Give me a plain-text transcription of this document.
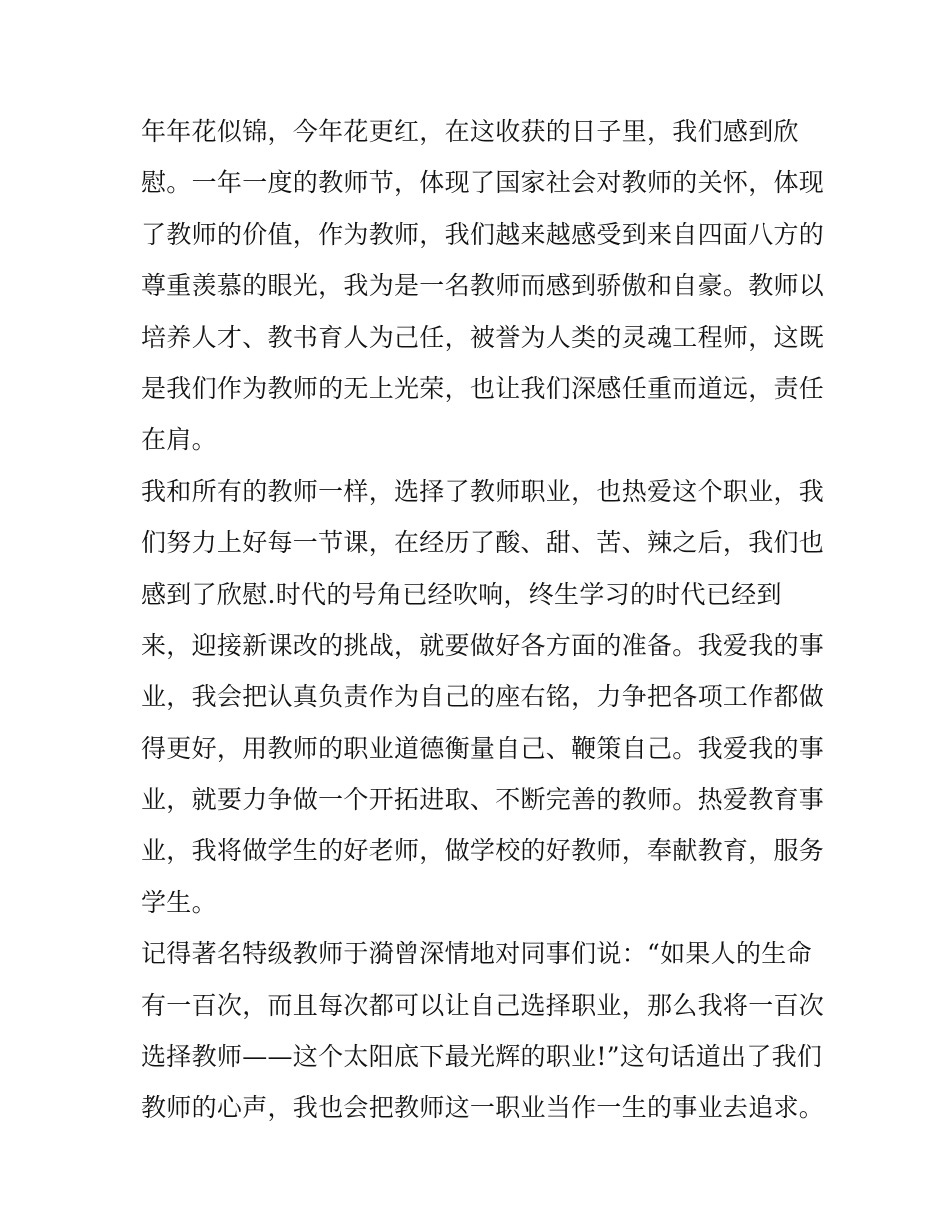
年年花似锦，今年花更红，在这收获的日子里，我们感到欣
慰。一年一度的教师节，体现了国家社会对教师的关怀，体现
了教师的价值，作为教师，我们越来越感受到来自四面八方的
尊重羡慕的眼光，我为是一名教师而感到骄傲和自豪。教师以
培养人才、教书育人为己任，被誉为人类的灵魂工程师，这既
是我们作为教师的无上光荣，也让我们深感任重而道远，责任
在肩。
我和所有的教师一样，选择了教师职业，也热爱这个职业，我
们努力上好每一节课，在经历了酸、甜、苦、辣之后，我们也
感到了欣慰.时代的号角已经吹响，终生学习的时代已经到
来，迎接新课改的挑战，就要做好各方面的准备。我爱我的事
业，我会把认真负责作为自己的座右铭，力争把各项工作都做
得更好，用教师的职业道德衡量自己、鞭策自己。我爱我的事
业，就要力争做一个开拓进取、不断完善的教师。热爱教育事
业，我将做学生的好老师，做学校的好教师，奉献教育，服务
学生。
记得著名特级教师于漪曾深情地对同事们说：“如果人的生命
有一百次，而且每次都可以让自己选择职业，那么我将一百次
选择教师——这个太阳底下最光辉的职业!”这句话道出了我们
教师的心声，我也会把教师这一职业当作一生的事业去追求。
